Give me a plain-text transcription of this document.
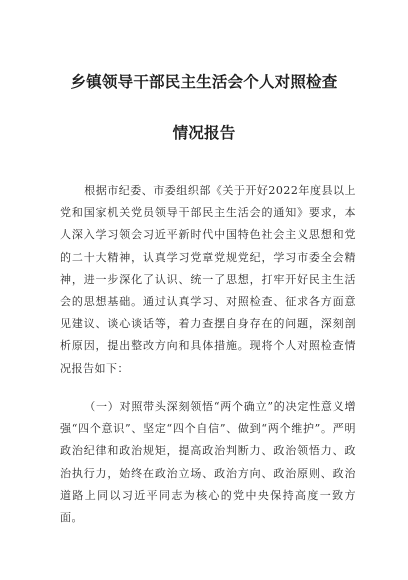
乡镇领导干部民主生活会个人对照检查
情况报告

根据市纪委、市委组织部《关于开好2022年度县以上党和国家机关党员领导干部民主生活会的通知》要求，本人深入学习领会习近平新时代中国特色社会主义思想和党的二十大精神，认真学习党章党规党纪，学习市委全会精神，进一步深化了认识、统一了思想，打牢开好民主生活会的思想基础。通过认真学习、对照检查、征求各方面意见建议、谈心谈话等，着力查摆自身存在的问题，深刻剖析原因，提出整改方向和具体措施。现将个人对照检查情况报告如下：

（一）对照带头深刻领悟“两个确立”的决定性意义增强“四个意识”、坚定“四个自信”、做到“两个维护”。严明政治纪律和政治规矩，提高政治判断力、政治领悟力、政治执行力，始终在政治立场、政治方向、政治原则、政治道路上同以习近平同志为核心的党中央保持高度一致方面。
